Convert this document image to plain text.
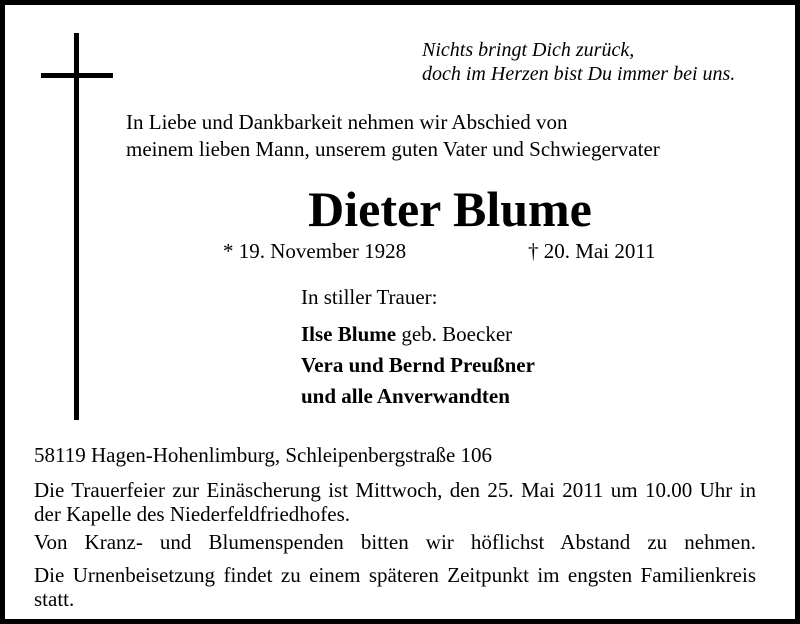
Nichts bringt Dich zurück,
doch im Herzen bist Du immer bei uns.
In Liebe und Dankbarkeit nehmen wir Abschied von
meinem lieben Mann, unserem guten Vater und Schwiegervater
Dieter Blume
* 19. November 1928	† 20. Mai 2011
In stiller Trauer:
Ilse Blume geb. Boecker
Vera und Bernd Preußner
und alle Anverwandten
58119 Hagen-Hohenlimburg, Schleipenbergstraße 106
Die Trauerfeier zur Einäscherung ist Mittwoch, den 25. Mai 2011 um 10.00 Uhr in der Kapelle des Niederfeldfriedhofes.
Von Kranz- und Blumenspenden bitten wir höflichst Abstand zu nehmen.
Die Urnenbeisetzung findet zu einem späteren Zeitpunkt im engsten Familienkreis statt.
